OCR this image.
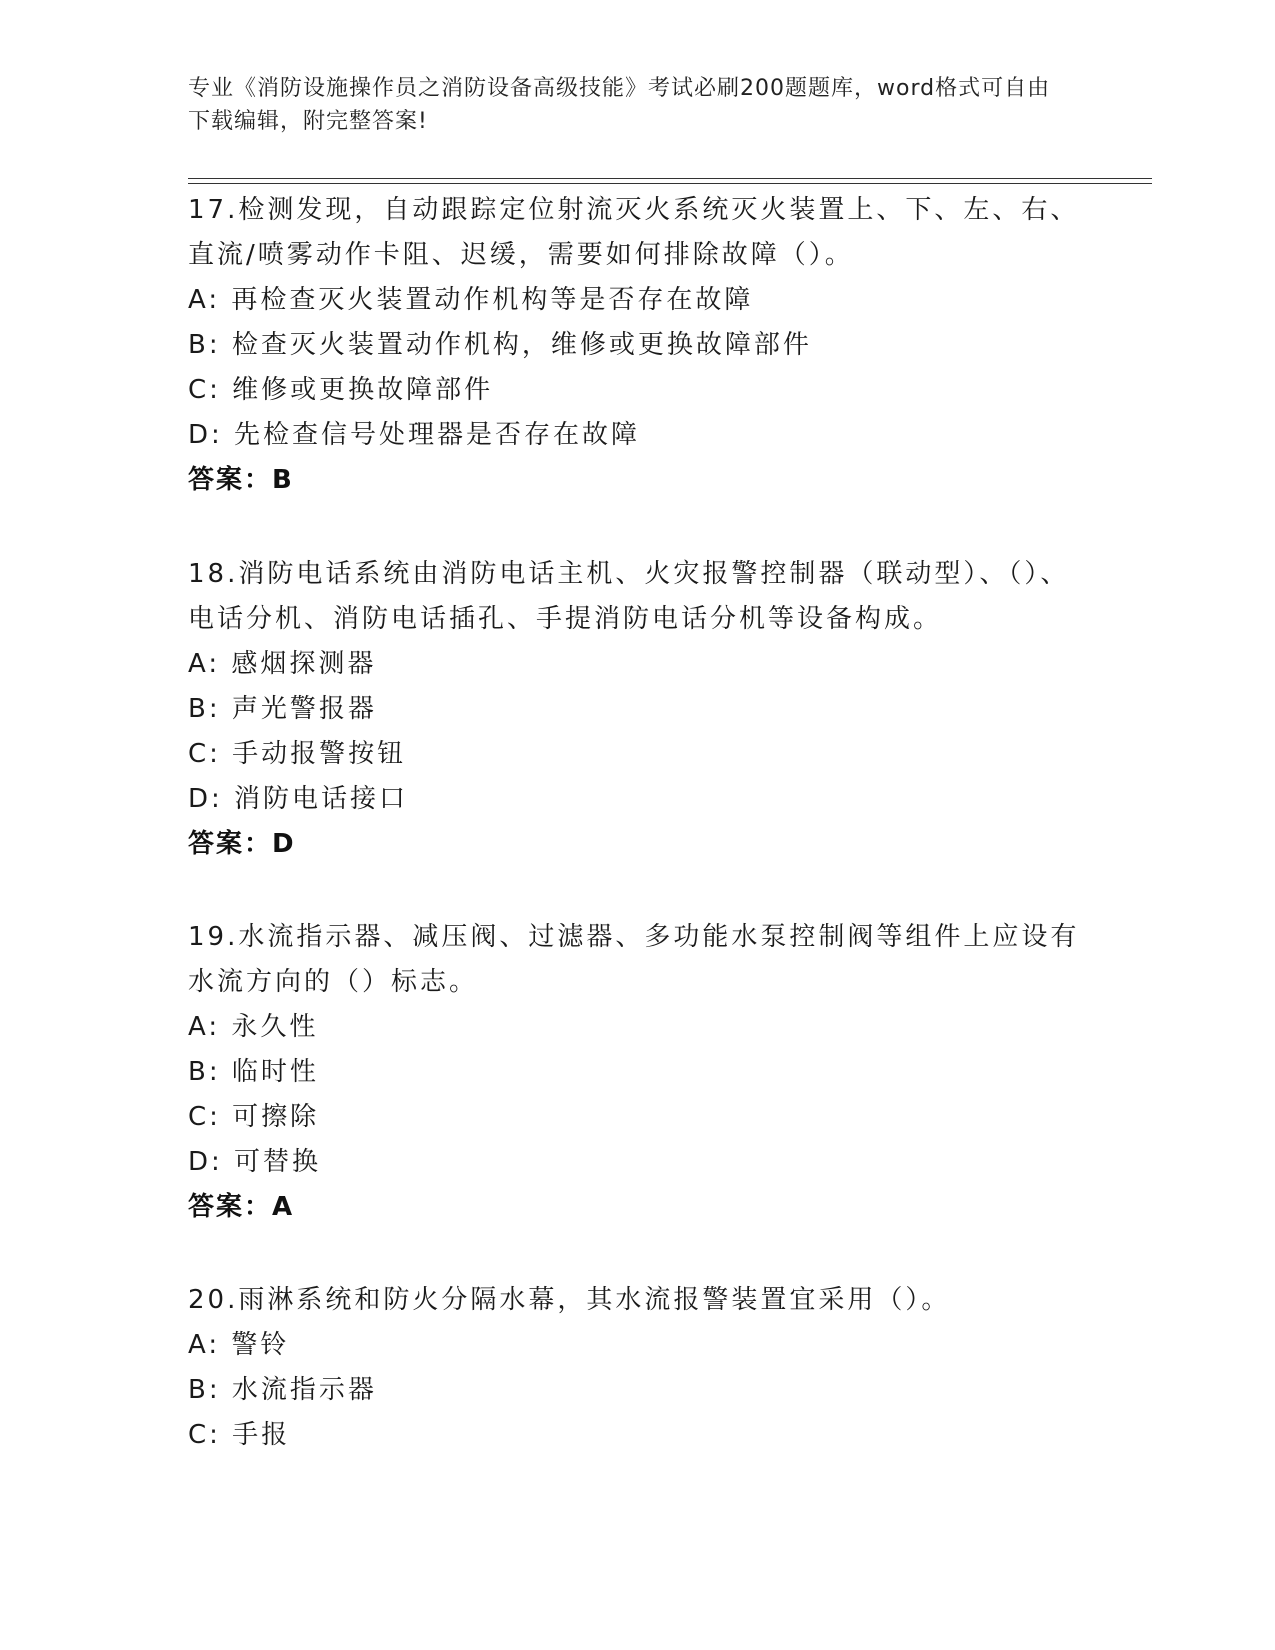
专业《消防设施操作员之消防设备高级技能》考试必刷200题题库，word格式可自由下载编辑，附完整答案!
17.检测发现，自动跟踪定位射流灭火系统灭火装置上、下、左、右、直流/喷雾动作卡阻、迟缓，需要如何排除故障（）。
A: 再检查灭火装置动作机构等是否存在故障
B: 检查灭火装置动作机构，维修或更换故障部件
C: 维修或更换故障部件
D: 先检查信号处理器是否存在故障
答案：B
18.消防电话系统由消防电话主机、火灾报警控制器（联动型）、（）、电话分机、消防电话插孔、手提消防电话分机等设备构成。
A: 感烟探测器
B: 声光警报器
C: 手动报警按钮
D: 消防电话接口
答案：D
19.水流指示器、减压阀、过滤器、多功能水泵控制阀等组件上应设有水流方向的（）标志。
A: 永久性
B: 临时性
C: 可擦除
D: 可替换
答案：A
20.雨淋系统和防火分隔水幕，其水流报警装置宜采用（）。
A: 警铃
B: 水流指示器
C: 手报
